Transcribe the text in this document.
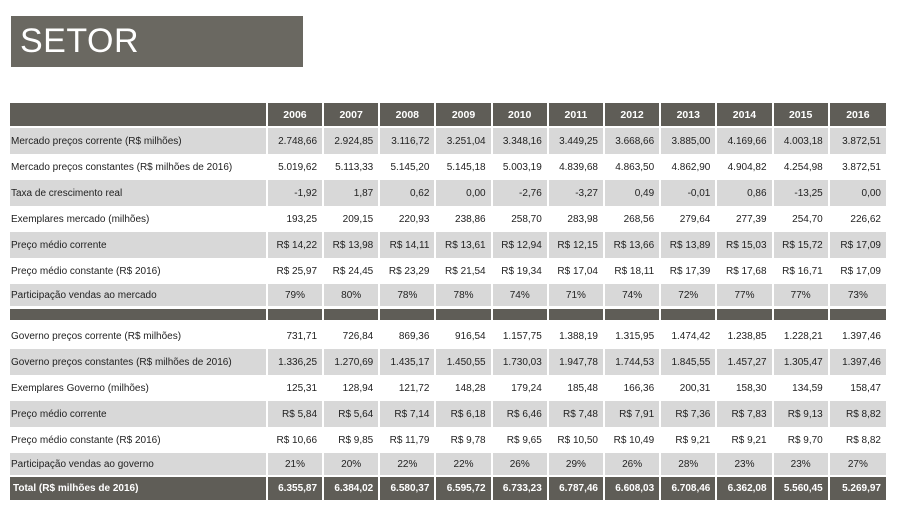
SETOR
	2006	2007	2008	2009	2010	2011	2012	2013	2014	2015	2016
Mercado preços corrente (R$ milhões)	2.748,66	2.924,85	3.116,72	3.251,04	3.348,16	3.449,25	3.668,66	3.885,00	4.169,66	4.003,18	3.872,51
Mercado preços constantes (R$ milhões de 2016)	5.019,62	5.113,33	5.145,20	5.145,18	5.003,19	4.839,68	4.863,50	4.862,90	4.904,82	4.254,98	3.872,51
Taxa de crescimento real	-1,92	1,87	0,62	0,00	-2,76	-3,27	0,49	-0,01	0,86	-13,25	0,00
Exemplares mercado (milhões)	193,25	209,15	220,93	238,86	258,70	283,98	268,56	279,64	277,39	254,70	226,62
Preço médio corrente	R$ 14,22	R$ 13,98	R$ 14,11	R$ 13,61	R$ 12,94	R$ 12,15	R$ 13,66	R$ 13,89	R$ 15,03	R$ 15,72	R$ 17,09
Preço médio constante (R$ 2016)	R$ 25,97	R$ 24,45	R$ 23,29	R$ 21,54	R$ 19,34	R$ 17,04	R$ 18,11	R$ 17,39	R$ 17,68	R$ 16,71	R$ 17,09
Participação vendas ao mercado	79%	80%	78%	78%	74%	71%	74%	72%	77%	77%	73%

Governo preços corrente (R$ milhões)	731,71	726,84	869,36	916,54	1.157,75	1.388,19	1.315,95	1.474,42	1.238,85	1.228,21	1.397,46
Governo preços constantes (R$ milhões de 2016)	1.336,25	1.270,69	1.435,17	1.450,55	1.730,03	1.947,78	1.744,53	1.845,55	1.457,27	1.305,47	1.397,46
Exemplares Governo (milhões)	125,31	128,94	121,72	148,28	179,24	185,48	166,36	200,31	158,30	134,59	158,47
Preço médio corrente	R$ 5,84	R$ 5,64	R$ 7,14	R$ 6,18	R$ 6,46	R$ 7,48	R$ 7,91	R$ 7,36	R$ 7,83	R$ 9,13	R$ 8,82
Preço médio constante (R$ 2016)	R$ 10,66	R$ 9,85	R$ 11,79	R$ 9,78	R$ 9,65	R$ 10,50	R$ 10,49	R$ 9,21	R$ 9,21	R$ 9,70	R$ 8,82
Participação vendas ao governo	21%	20%	22%	22%	26%	29%	26%	28%	23%	23%	27%
Total (R$ milhões de 2016)	6.355,87	6.384,02	6.580,37	6.595,72	6.733,23	6.787,46	6.608,03	6.708,46	6.362,08	5.560,45	5.269,97
